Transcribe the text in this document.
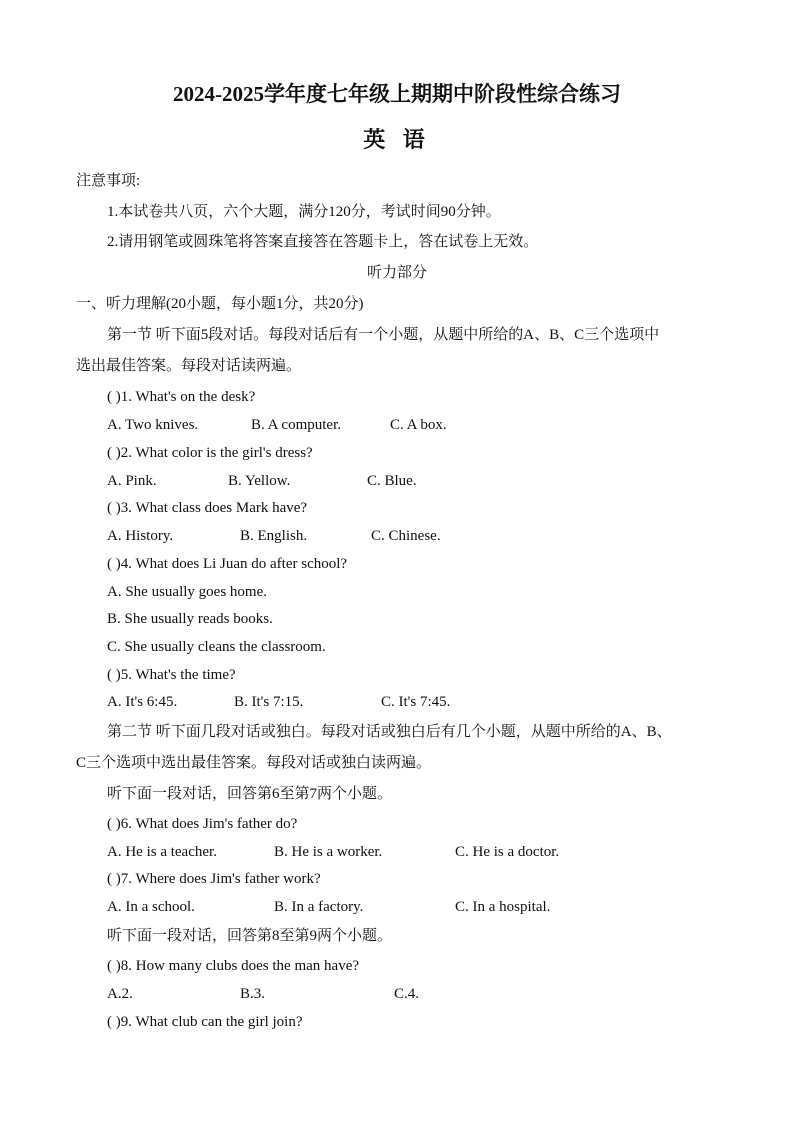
2024-2025学年度七年级上期期中阶段性综合练习
英 语
注意事项:
1.本试卷共八页，六个大题，满分120分，考试时间90分钟。
2.请用钢笔或圆珠笔将答案直接答在答题卡上，答在试卷上无效。
听力部分
一、听力理解(20小题，每小题1分，共20分)
第一节 听下面5段对话。每段对话后有一个小题，从题中所给的A、B、C三个选项中
选出最佳答案。每段对话读两遍。
( )1. What's on the desk?
A. Two knives.	B. A computer.	C. A box.
( )2. What color is the girl's dress?
A. Pink.	B. Yellow.	C. Blue.
( )3. What class does Mark have?
A. History.	B. English.	C. Chinese.
( )4. What does Li Juan do after school?
A. She usually goes home.
B. She usually reads books.
C. She usually cleans the classroom.
( )5. What's the time?
A. It's 6:45.	B. It's 7:15.	C. It's 7:45.
第二节 听下面几段对话或独白。每段对话或独白后有几个小题，从题中所给的A、B、
C三个选项中选出最佳答案。每段对话或独白读两遍。
听下面一段对话，回答第6至第7两个小题。
( )6. What does Jim's father do?
A. He is a teacher.	B. He is a worker.	C. He is a doctor.
( )7. Where does Jim's father work?
A. In a school.	B. In a factory.	C. In a hospital.
听下面一段对话，回答第8至第9两个小题。
( )8. How many clubs does the man have?
A.2.	B.3.	C.4.
( )9. What club can the girl join?
